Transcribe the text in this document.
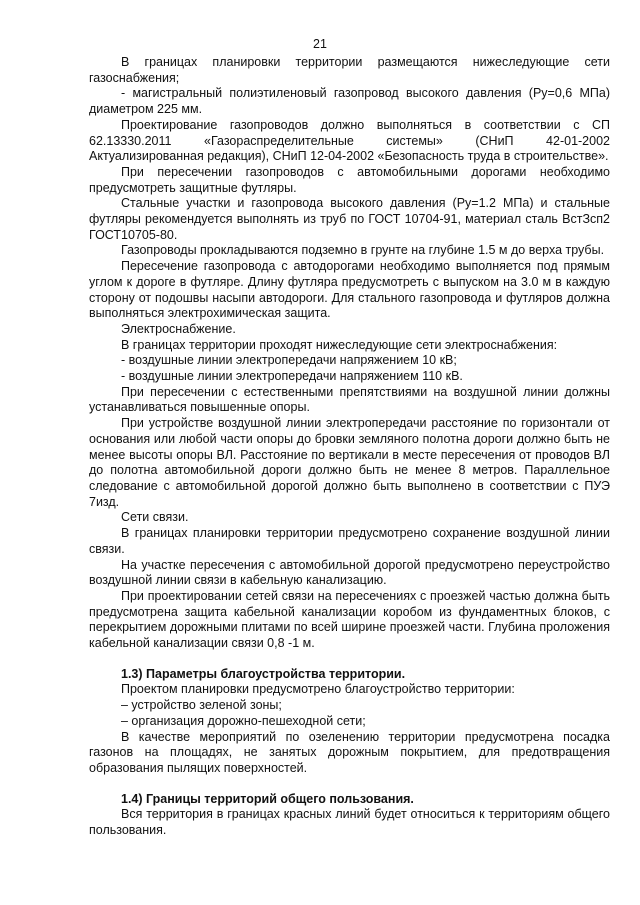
21

В границах планировки территории размещаются нижеследующие сети газоснабжения;

- магистральный полиэтиленовый газопровод высокого давления (Ру=0,6 МПа) диаметром 225 мм.

Проектирование газопроводов должно выполняться в соответствии с СП 62.13330.2011 «Газораспределительные системы» (СНиП 42-01-2002 Актуализированная редакция), СНиП 12-04-2002 «Безопасность труда в строительстве».

При пересечении газопроводов с автомобильными дорогами необходимо предусмотреть защитные футляры.

Стальные участки и газопровода высокого давления (Ру=1.2 МПа) и стальные футляры рекомендуется выполнять из труб по ГОСТ 10704-91, материал сталь ВстЗсп2 ГОСТ10705-80.

Газопроводы прокладываются подземно в грунте на глубине 1.5 м до верха трубы.

Пересечение газопровода с автодорогами необходимо выполняется под прямым углом к дороге в футляре. Длину футляра предусмотреть с выпуском на 3.0 м в каждую сторону от подошвы насыпи автодороги. Для стального газопровода и футляров должна выполняться электрохимическая защита.

Электроснабжение.

В границах территории проходят нижеследующие сети электроснабжения:

- воздушные линии электропередачи напряжением 10 кВ;

- воздушные линии электропередачи напряжением 110 кВ.

При пересечении с естественными препятствиями на воздушной линии должны устанавливаться повышенные опоры.

При устройстве воздушной линии электропередачи расстояние по горизонтали от основания или любой части опоры до бровки земляного полотна дороги должно быть не менее высоты опоры ВЛ. Расстояние по вертикали в месте пересечения от проводов ВЛ до полотна автомобильной дороги должно быть не менее 8 метров. Параллельное следование с автомобильной дорогой должно быть выполнено в соответствии с ПУЭ 7изд.

Сети связи.

В границах планировки территории предусмотрено сохранение воздушной линии связи.

На участке пересечения с автомобильной дорогой предусмотрено переустройство воздушной линии связи в кабельную канализацию.

При проектировании сетей связи на пересечениях с проезжей частью должна быть предусмотрена защита кабельной канализации коробом из фундаментных блоков, с перекрытием дорожными плитами по всей ширине проезжей части. Глубина проложения кабельной канализации связи 0,8 -1 м.

1.3) Параметры благоустройства территории.

Проектом планировки предусмотрено благоустройство территории:

– устройство зеленой зоны;

– организация дорожно-пешеходной сети;

В качестве мероприятий по озеленению территории предусмотрена посадка газонов на площадях, не занятых дорожным покрытием, для предотвращения образования пылящих поверхностей.

1.4) Границы территорий общего пользования.

Вся территория в границах красных линий будет относиться к территориям общего пользования.
